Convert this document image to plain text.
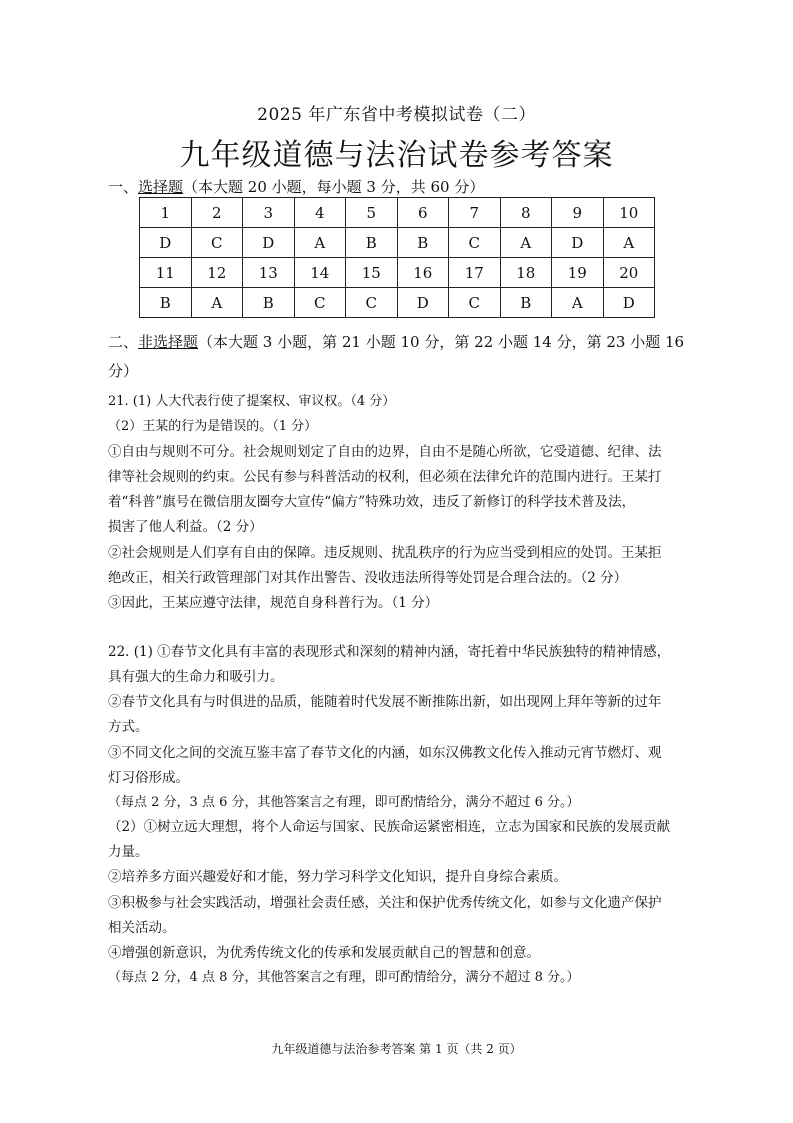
2025 年广东省中考模拟试卷（二）
九年级道德与法治试卷参考答案
一、选择题（本大题 20 小题，每小题 3 分，共 60 分）
1	2	3	4	5	6	7	8	9	10
D	C	D	A	B	B	C	A	D	A
11	12	13	14	15	16	17	18	19	20
B	A	B	C	C	D	C	B	A	D
二、非选择题（本大题 3 小题，第 21 小题 10 分，第 22 小题 14 分，第 23 小题 16
分）
21. (1) 人大代表行使了提案权、审议权。（4 分）
（2）王某的行为是错误的。（1 分）
①自由与规则不可分。社会规则划定了自由的边界，自由不是随心所欲，它受道德、纪律、法
律等社会规则的约束。公民有参与科普活动的权利，但必须在法律允许的范围内进行。王某打
着“科普”旗号在微信朋友圈夸大宣传“偏方”特殊功效，违反了新修订的科学技术普及法，
损害了他人利益。（2 分）
②社会规则是人们享有自由的保障。违反规则、扰乱秩序的行为应当受到相应的处罚。王某拒
绝改正，相关行政管理部门对其作出警告、没收违法所得等处罚是合理合法的。（2 分）
③因此，王某应遵守法律，规范自身科普行为。（1 分）
22. (1) ①春节文化具有丰富的表现形式和深刻的精神内涵，寄托着中华民族独特的精神情感，
具有强大的生命力和吸引力。
②春节文化具有与时俱进的品质，能随着时代发展不断推陈出新，如出现网上拜年等新的过年
方式。
③不同文化之间的交流互鉴丰富了春节文化的内涵，如东汉佛教文化传入推动元宵节燃灯、观
灯习俗形成。
（每点 2 分，3 点 6 分，其他答案言之有理，即可酌情给分，满分不超过 6 分。）
（2）①树立远大理想，将个人命运与国家、民族命运紧密相连，立志为国家和民族的发展贡献
力量。
②培养多方面兴趣爱好和才能，努力学习科学文化知识，提升自身综合素质。
③积极参与社会实践活动，增强社会责任感，关注和保护优秀传统文化，如参与文化遗产保护
相关活动。
④增强创新意识，为优秀传统文化的传承和发展贡献自己的智慧和创意。
（每点 2 分，4 点 8 分，其他答案言之有理，即可酌情给分，满分不超过 8 分。）
九年级道德与法治参考答案 第 1 页（共 2 页）
